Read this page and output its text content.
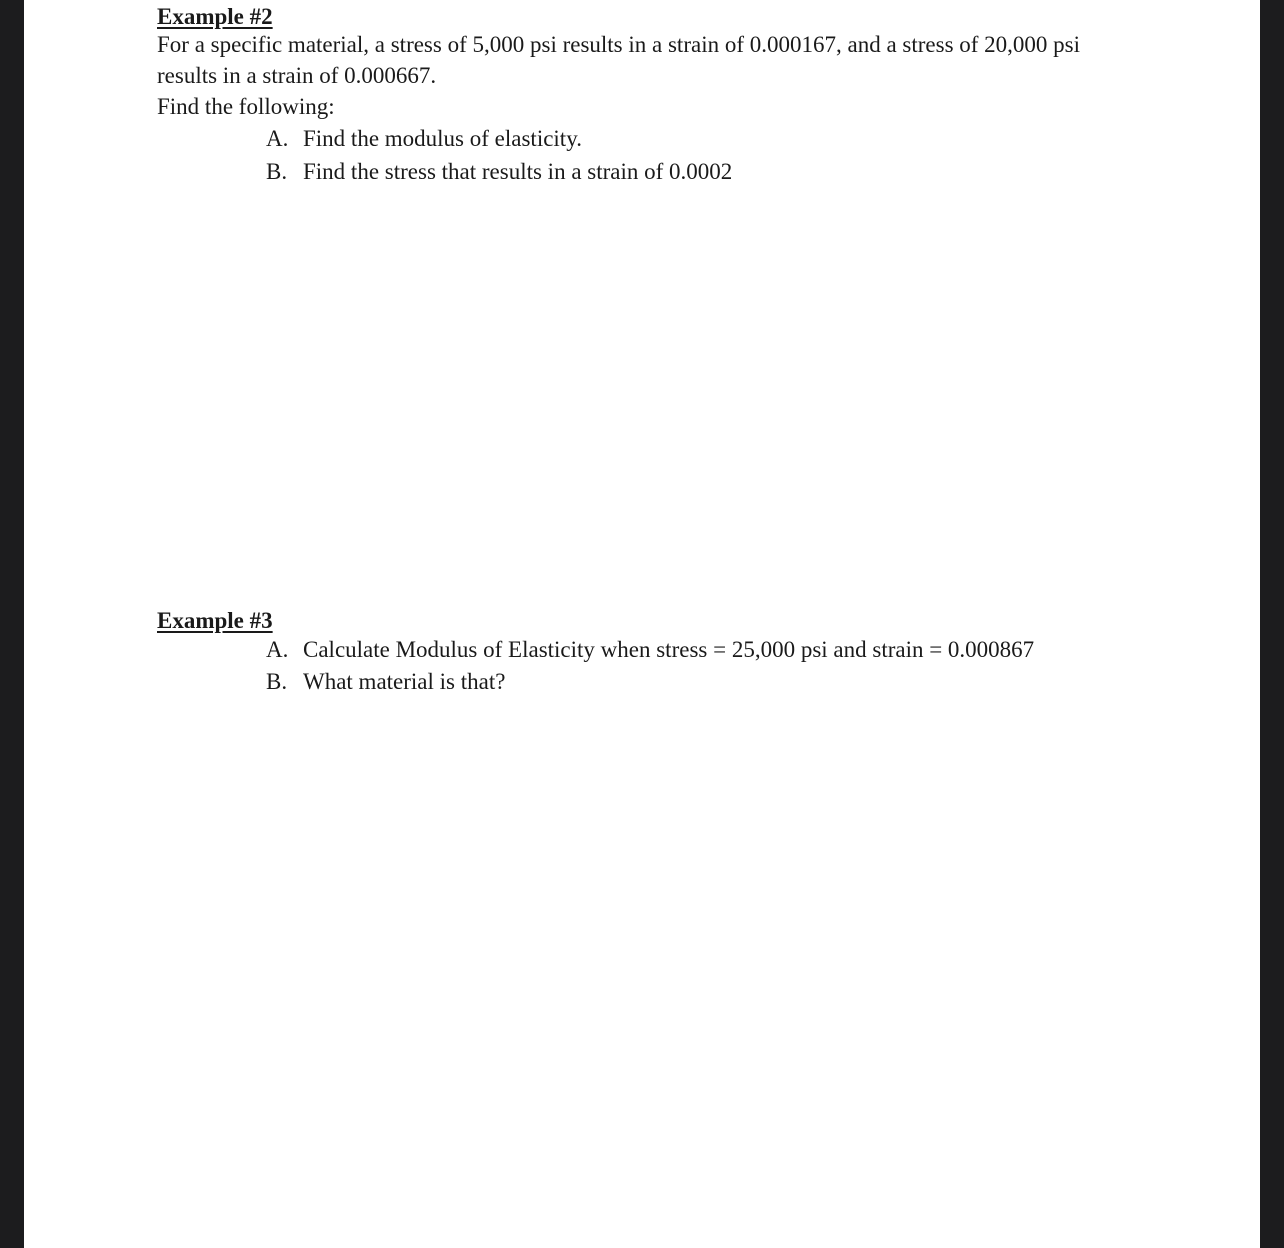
Example #2
For a specific material, a stress of 5,000 psi results in a strain of 0.000167, and a stress of 20,000 psi results in a strain of 0.000667.
Find the following:
A. Find the modulus of elasticity.
B. Find the stress that results in a strain of 0.0002
Example #3
A. Calculate Modulus of Elasticity when stress = 25,000 psi and strain = 0.000867
B. What material is that?
